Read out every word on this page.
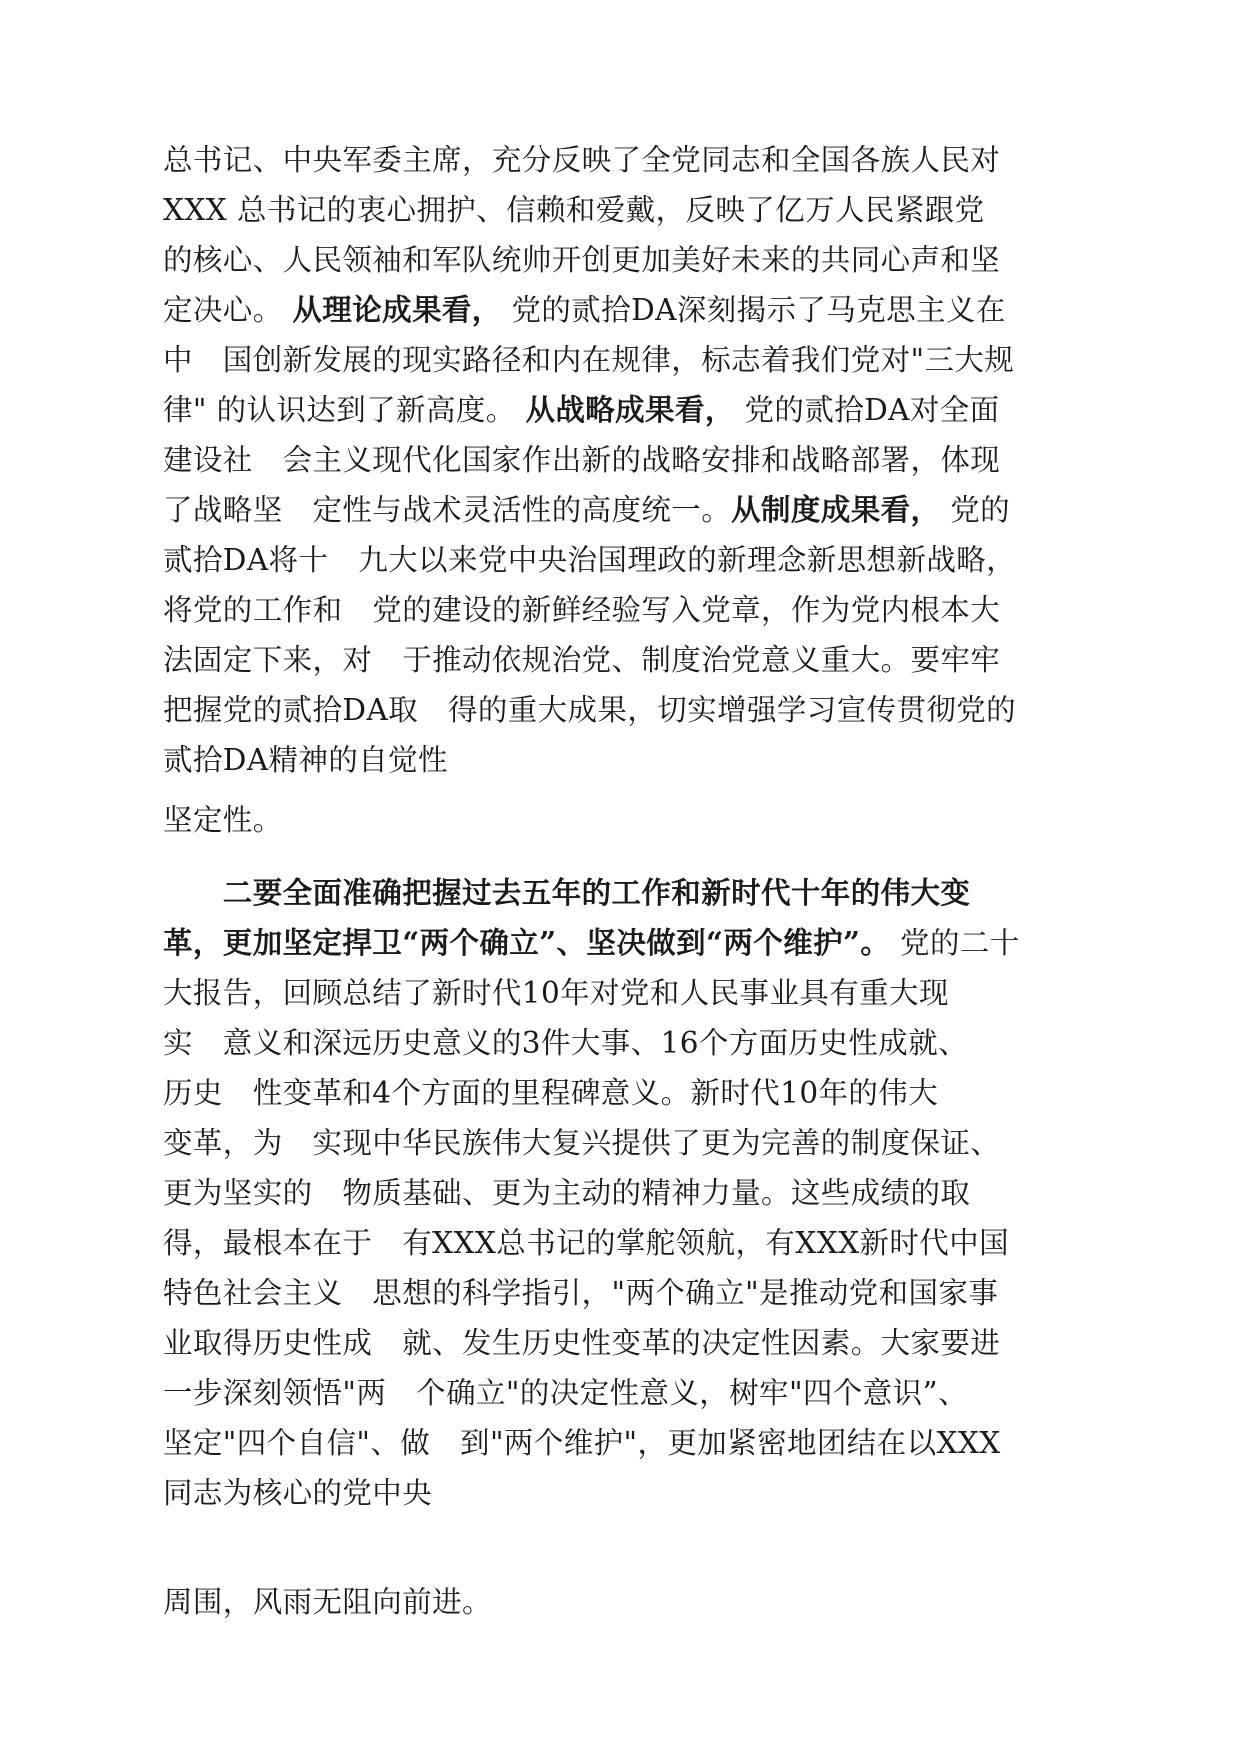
总书记、中央军委主席，充分反映了全党同志和全国各族人民对
XXX 总书记的衷心拥护、信赖和爱戴，反映了亿万人民紧跟党
的核心、人民领袖和军队统帅开创更加美好未来的共同心声和坚
定决心。 从理论成果看， 党的贰拾DA深刻揭示了马克思主义在
中　国创新发展的现实路径和内在规律，标志着我们党对"三大规
律" 的认识达到了新高度。 从战略成果看， 党的贰拾DA对全面
建设社　会主义现代化国家作出新的战略安排和战略部署，体现
了战略坚　定性与战术灵活性的高度统一。从制度成果看， 党的
贰拾DA将十　九大以来党中央治国理政的新理念新思想新战略，
将党的工作和　党的建设的新鲜经验写入党章，作为党内根本大
法固定下来，对　于推动依规治党、制度治党意义重大。要牢牢
把握党的贰拾DA取　得的重大成果，切实增强学习宣传贯彻党的
贰拾DA精神的自觉性
坚定性。
　　二要全面准确把握过去五年的工作和新时代十年的伟大变
革，更加坚定捍卫“两个确立”、坚决做到“两个维护”。 党的二十
大报告，回顾总结了新时代10年对党和人民事业具有重大现
实　意义和深远历史意义的3件大事、16个方面历史性成就、
历史　性变革和4个方面的里程碑意义。新时代10年的伟大
变革，为　实现中华民族伟大复兴提供了更为完善的制度保证、
更为坚实的　物质基础、更为主动的精神力量。这些成绩的取
得，最根本在于　有XXX总书记的掌舵领航，有XXX新时代中国
特色社会主义　思想的科学指引，"两个确立"是推动党和国家事
业取得历史性成　就、发生历史性变革的决定性因素。大家要进
一步深刻领悟"两　个确立"的决定性意义，树牢"四个意识”、
坚定"四个自信"、做　到"两个维护"，更加紧密地团结在以XXX
同志为核心的党中央
周围，风雨无阻向前进。
